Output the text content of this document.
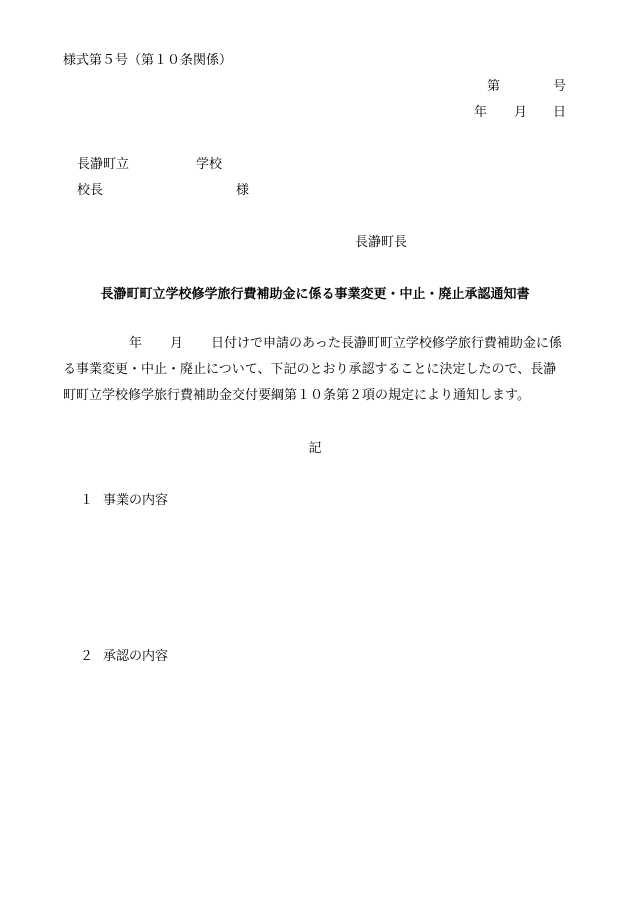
様式第５号（第１０条関係）
第	号
年 月 日
長瀞町立	学校
校長	様
長瀞町長
長瀞町町立学校修学旅行費補助金に係る事業変更・中止・廃止承認通知書
年 月 日付けで申請のあった長瀞町町立学校修学旅行費補助金に係
る事業変更・中止・廃止について、下記のとおり承認することに決定したので、長瀞
町町立学校修学旅行費補助金交付要綱第１０条第２項の規定により通知します。
記
１ 事業の内容
２ 承認の内容
